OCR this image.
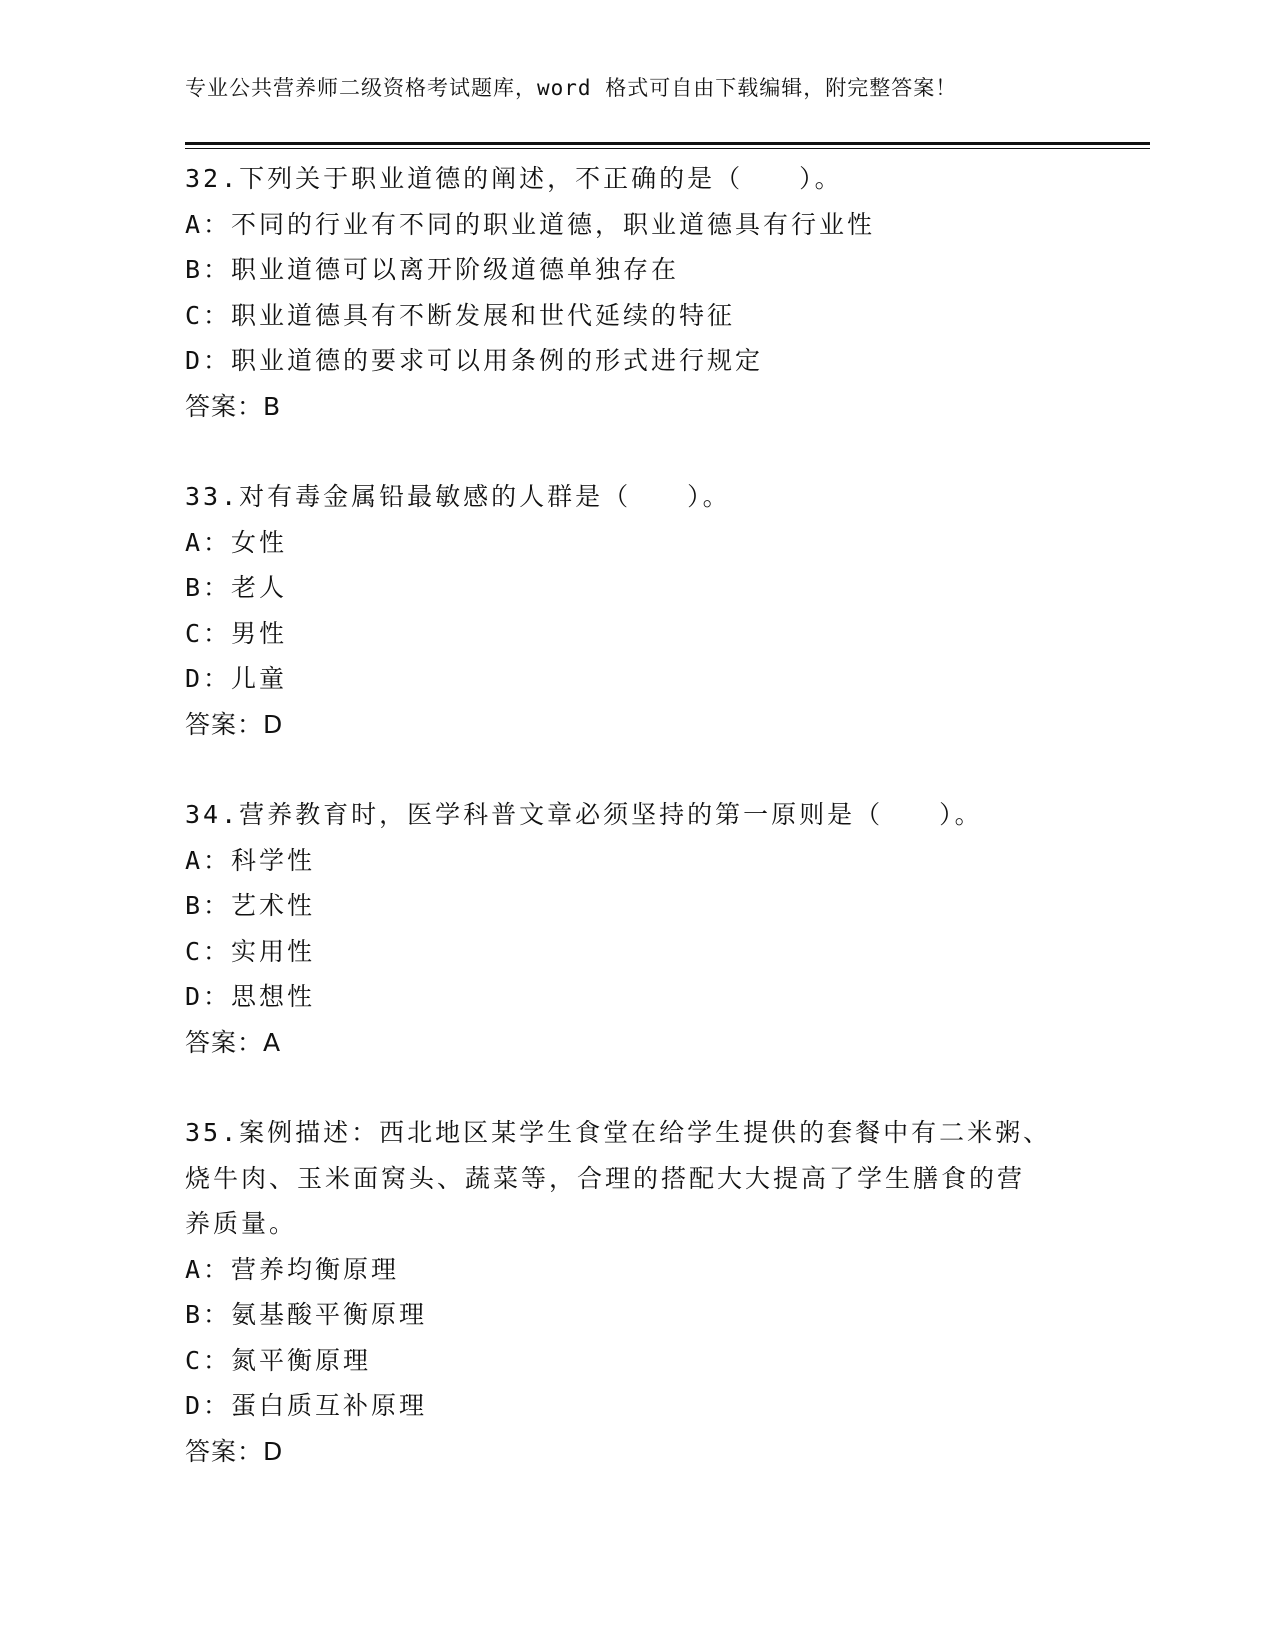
专业公共营养师二级资格考试题库，word 格式可自由下载编辑，附完整答案！
32.下列关于职业道德的阐述，不正确的是（　　）。
A：不同的行业有不同的职业道德，职业道德具有行业性
B：职业道德可以离开阶级道德单独存在
C：职业道德具有不断发展和世代延续的特征
D：职业道德的要求可以用条例的形式进行规定
答案：B
33.对有毒金属铅最敏感的人群是（　　）。
A：女性
B：老人
C：男性
D：儿童
答案：D
34.营养教育时，医学科普文章必须坚持的第一原则是（　　）。
A：科学性
B：艺术性
C：实用性
D：思想性
答案：A
35.案例描述：西北地区某学生食堂在给学生提供的套餐中有二米粥、
烧牛肉、玉米面窝头、蔬菜等，合理的搭配大大提高了学生膳食的营
养质量。
A：营养均衡原理
B：氨基酸平衡原理
C：氮平衡原理
D：蛋白质互补原理
答案：D
